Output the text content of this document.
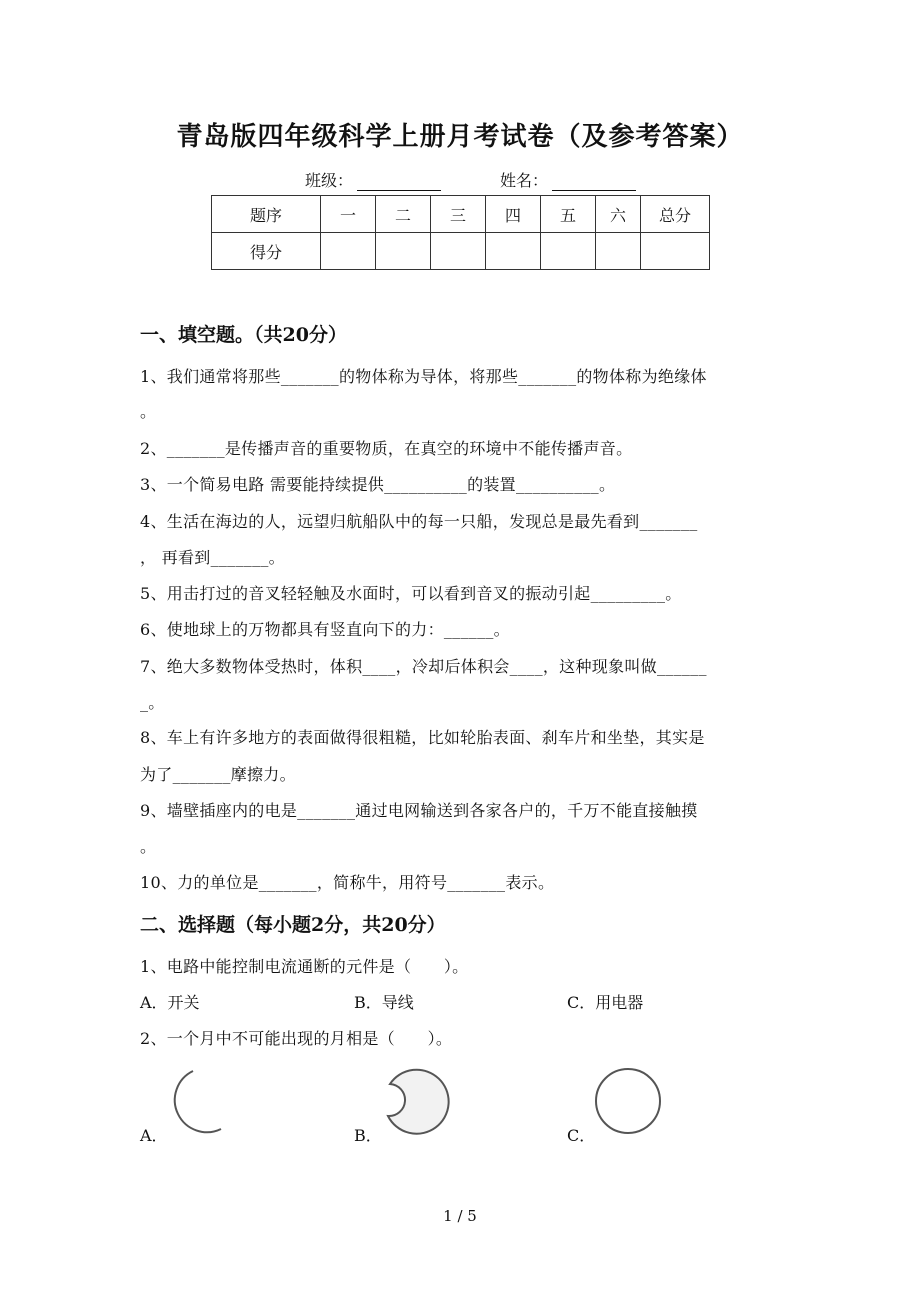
青岛版四年级科学上册月考试卷（及参考答案）
班级：	姓名：
题序	一	二	三	四	五	六	总分
得分							
一、填空题。（共20分）
1、我们通常将那些_______的物体称为导体，将那些_______的物体称为绝缘体
。
2、_______是传播声音的重要物质，在真空的环境中不能传播声音。
3、一个简易电路 需要能持续提供__________的装置__________。
4、生活在海边的人，远望归航船队中的每一只船，发现总是最先看到_______
， 再看到_______。
5、用击打过的音叉轻轻触及水面时，可以看到音叉的振动引起_________。
6、使地球上的万物都具有竖直向下的力：______。
7、绝大多数物体受热时，体积____，冷却后体积会____，这种现象叫做______
_。
8、车上有许多地方的表面做得很粗糙，比如轮胎表面、刹车片和坐垫，其实是
为了_______摩擦力。
9、墙壁插座内的电是_______通过电网输送到各家各户的，千万不能直接触摸
。
10、力的单位是_______，简称牛，用符号_______表示。
二、选择题（每小题2分，共20分）
1、电路中能控制电流通断的元件是（　　）。
A．开关	B．导线	C．用电器
2、一个月中不可能出现的月相是（　　）。
A．	B．	C．
1 / 5
